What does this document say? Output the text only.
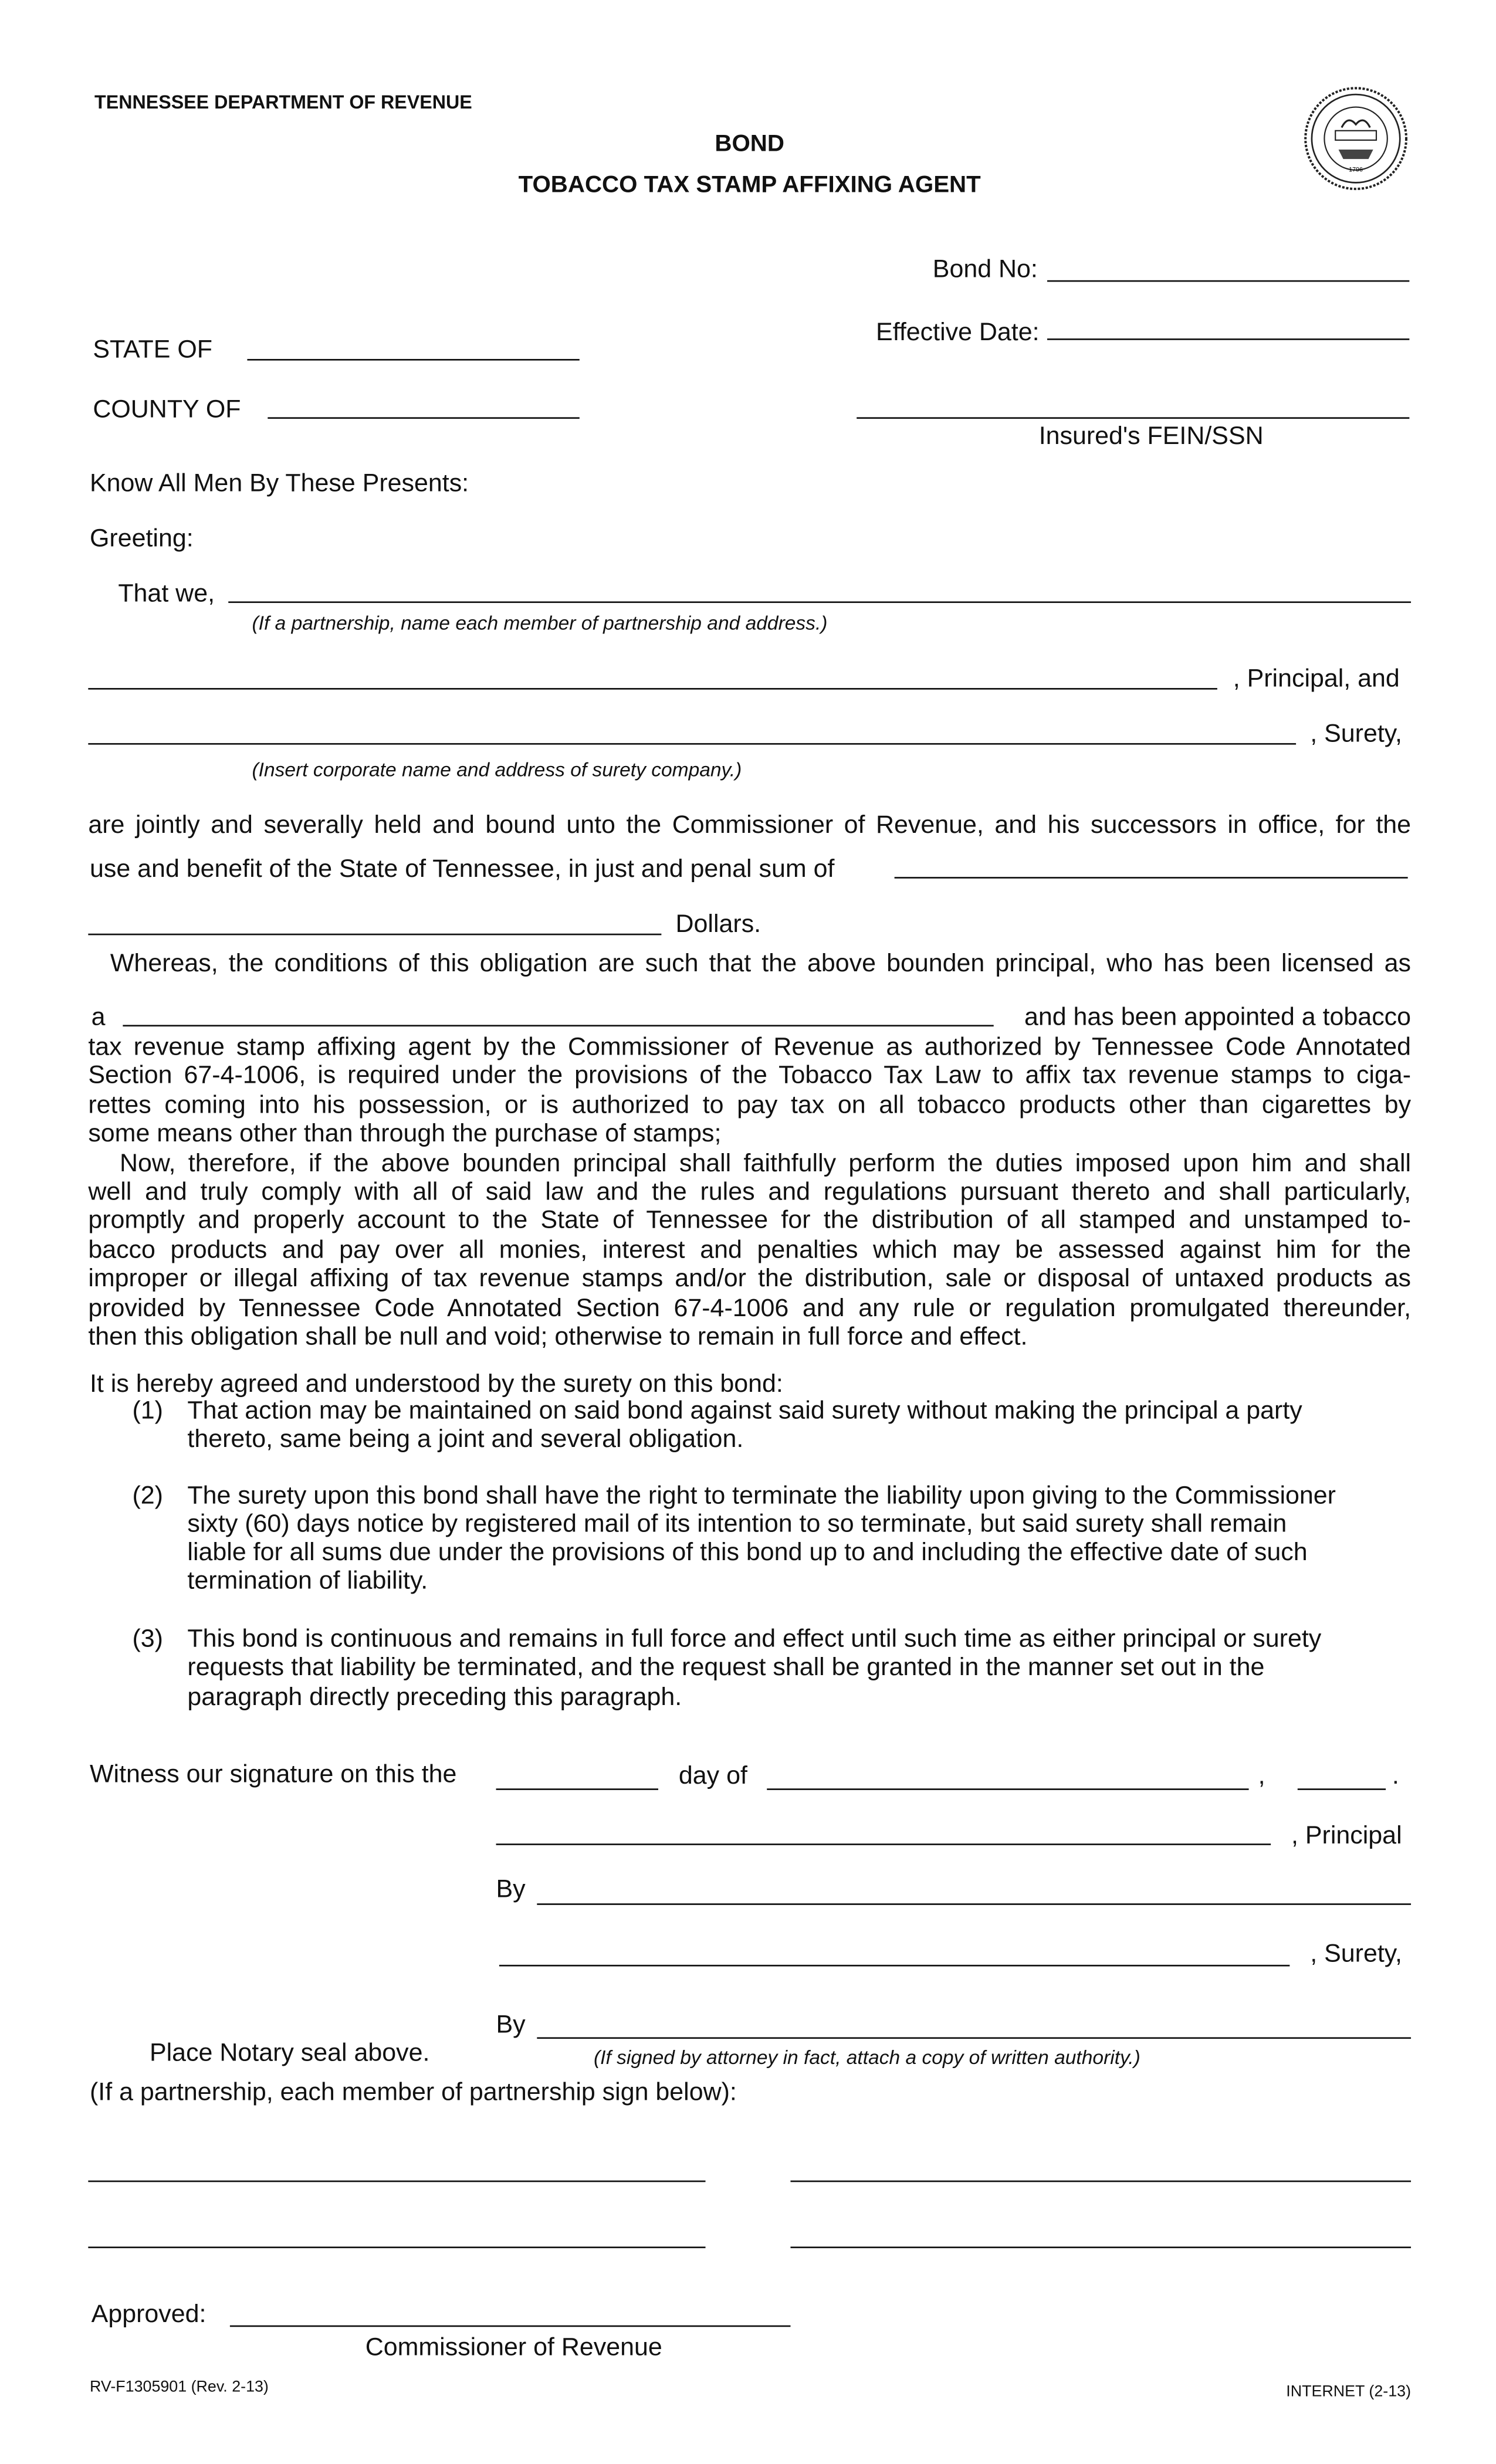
TENNESSEE DEPARTMENT OF REVENUE
BOND
TOBACCO TAX STAMP AFFIXING AGENT
1796
Bond No:
Effective Date:
STATE OF
COUNTY OF
Insured's FEIN/SSN
Know All Men By These Presents:
Greeting:
That we,
(If a partnership, name each member of partnership and address.)
, Principal, and
, Surety,
(Insert corporate name and address of surety company.)
are jointly and severally held and bound unto the Commissioner of Revenue, and his successors in office, for the
use and benefit of the State of Tennessee, in just and penal sum of
Dollars.
Whereas, the conditions of this obligation are such that the above bounden principal, who has been licensed as
a	and has been appointed a tobacco
tax revenue stamp affixing agent by the Commissioner of Revenue as authorized by Tennessee Code Annotated
Section 67-4-1006, is required under the provisions of the Tobacco Tax Law to affix tax revenue stamps to ciga-
rettes coming into his possession, or is authorized to pay tax on all tobacco products other than cigarettes by
some means other than through the purchase of stamps;
Now, therefore, if the above bounden principal shall faithfully perform the duties imposed upon him and shall
well and truly comply with all of said law and the rules and regulations pursuant thereto and shall particularly,
promptly and properly account to the State of Tennessee for the distribution of all stamped and unstamped to-
bacco products and pay over all monies, interest and penalties which may be assessed against him for the
improper or illegal affixing of tax revenue stamps and/or the distribution, sale or disposal of untaxed products as
provided by Tennessee Code Annotated Section 67-4-1006 and any rule or regulation promulgated thereunder,
then this obligation shall be null and void; otherwise to remain in full force and effect.
It is hereby agreed and understood by the surety on this bond:
(1)	That action may be maintained on said bond against said surety without making the principal a party
thereto, same being a joint and several obligation.
(2)	The surety upon this bond shall have the right to terminate the liability upon giving to the Commissioner
sixty (60) days notice by registered mail of its intention to so terminate, but said surety shall remain
liable for all sums due under the provisions of this bond up to and including the effective date of such
termination of liability.
(3)	This bond is continuous and remains in full force and effect until such time as either principal or surety
requests that liability be terminated, and the request shall be granted in the manner set out in the
paragraph directly preceding this paragraph.
Witness our signature on this the	day of	,	.
, Principal
By
, Surety,
By
Place Notary seal above.	(If signed by attorney in fact, attach a copy of written authority.)
(If a partnership, each member of partnership sign below):
Approved:
Commissioner of Revenue
RV-F1305901 (Rev. 2-13)	INTERNET (2-13)
